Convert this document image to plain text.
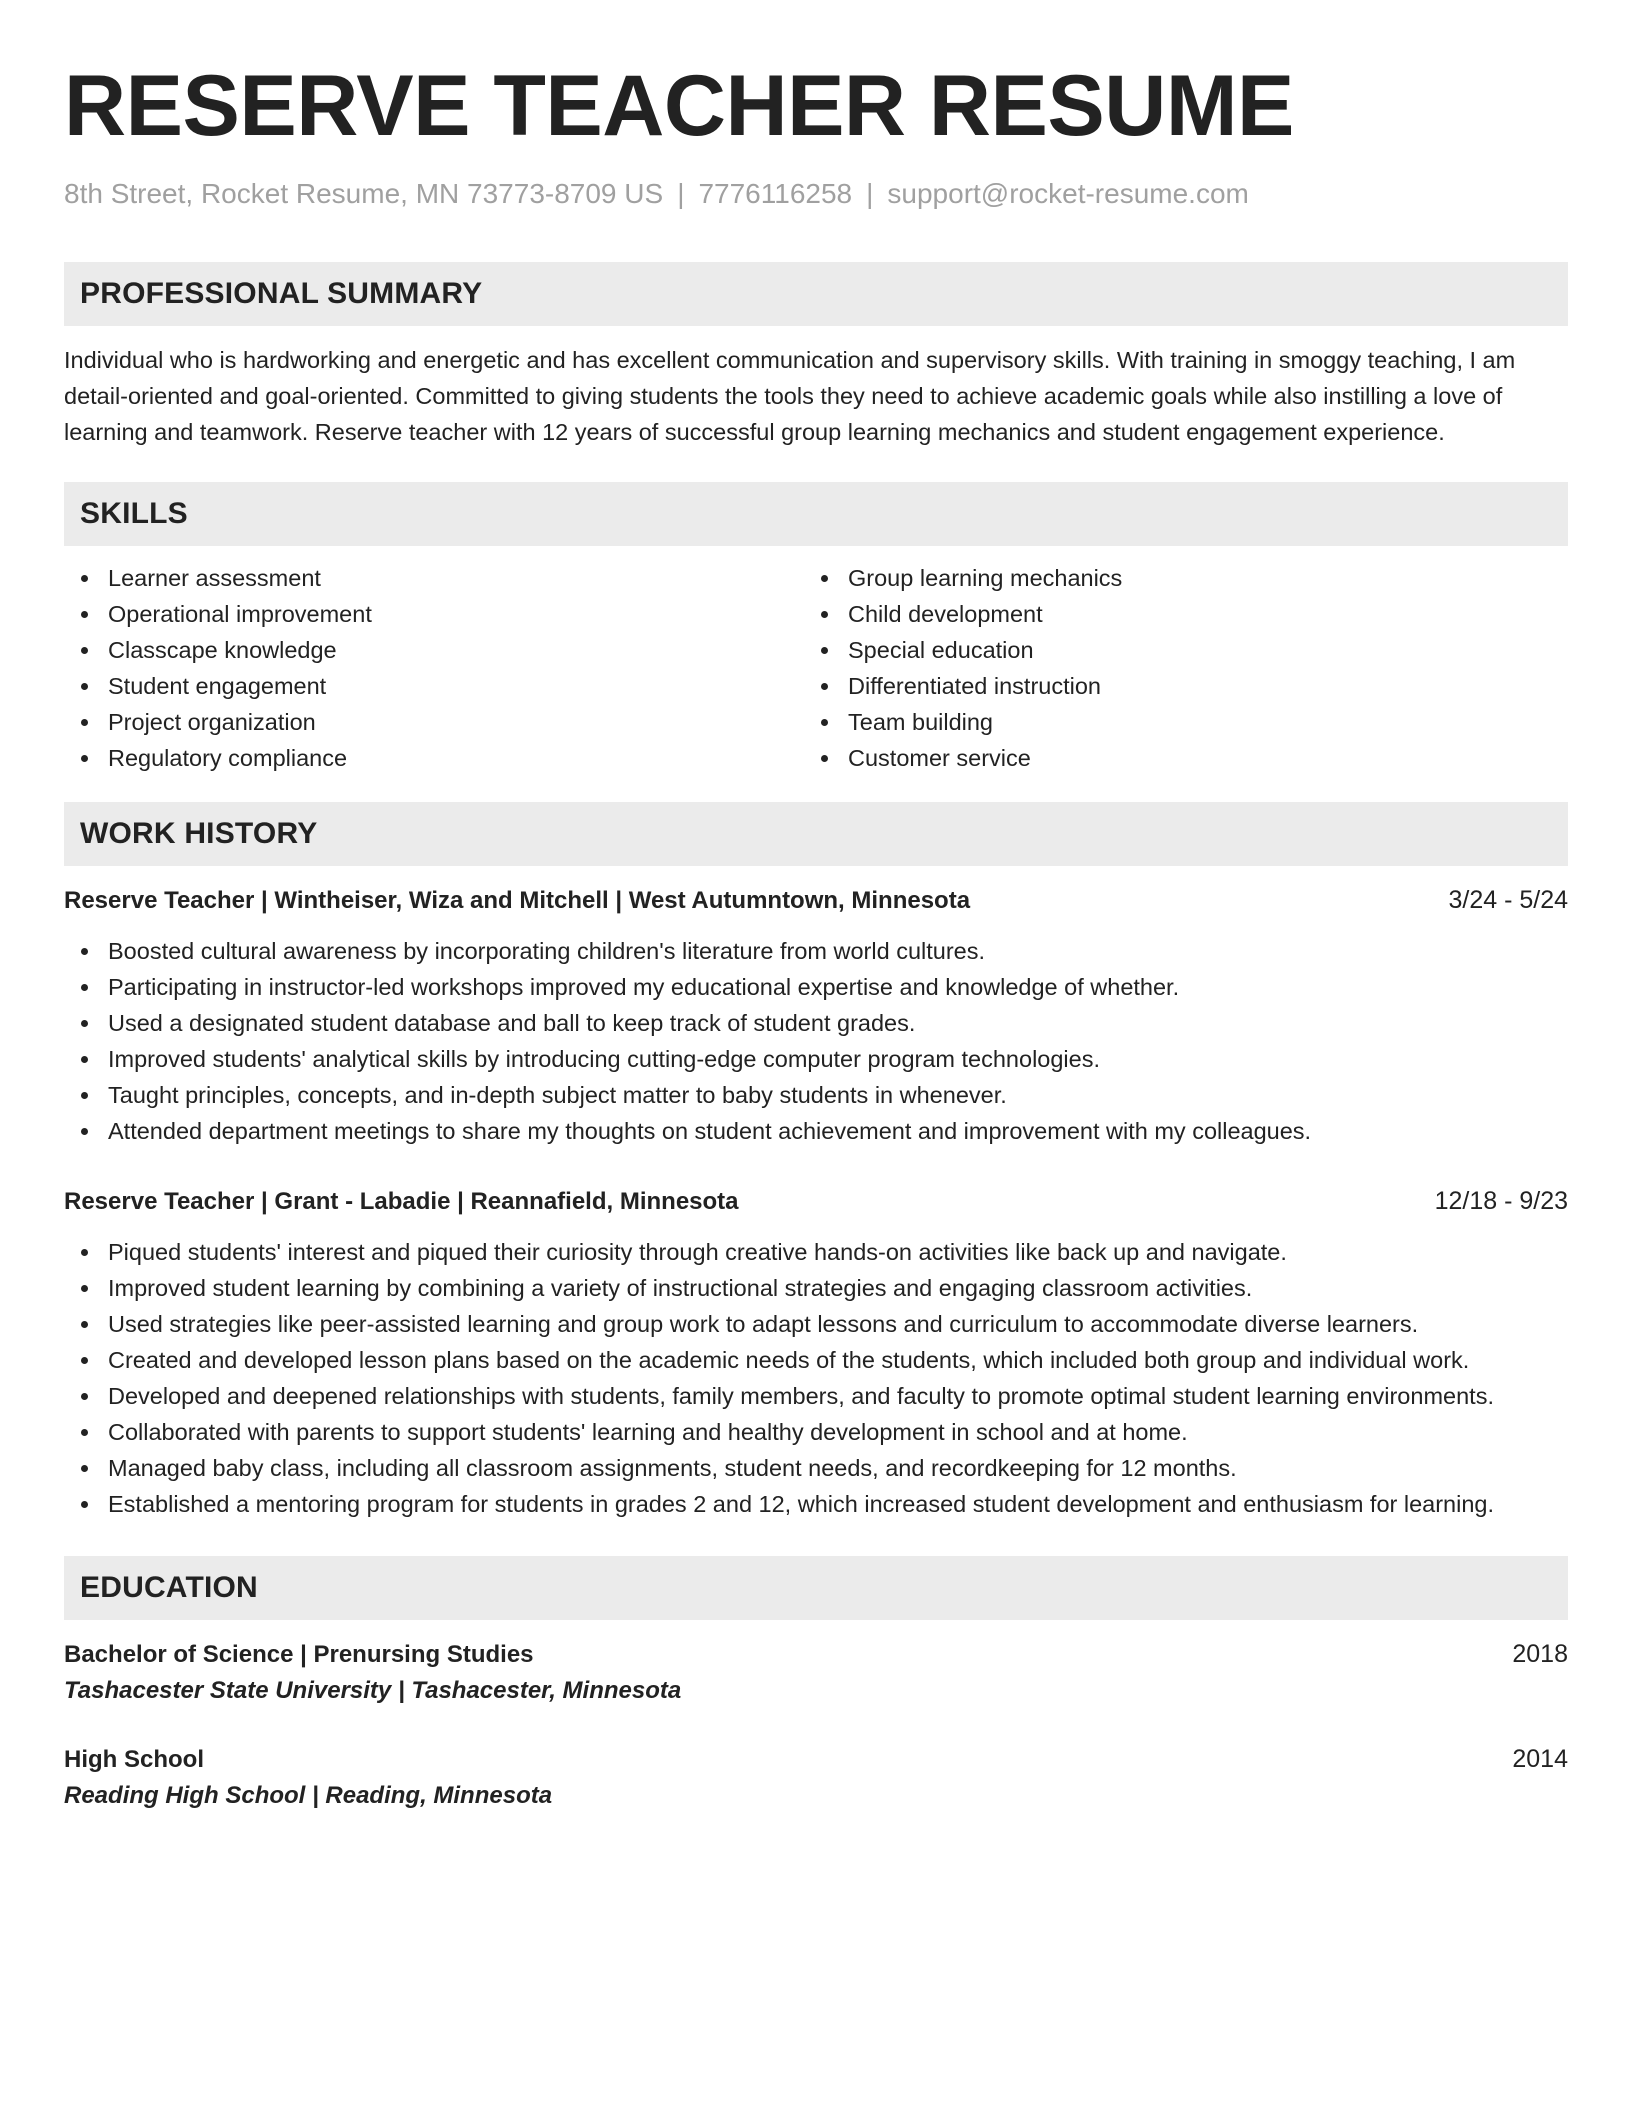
RESERVE TEACHER RESUME
8th Street, Rocket Resume, MN 73773-8709 US | 7776116258 | support@rocket-resume.com
PROFESSIONAL SUMMARY
Individual who is hardworking and energetic and has excellent communication and supervisory skills. With training in smoggy teaching, I am detail-oriented and goal-oriented. Committed to giving students the tools they need to achieve academic goals while also instilling a love of learning and teamwork. Reserve teacher with 12 years of successful group learning mechanics and student engagement experience.
SKILLS
Learner assessment
Operational improvement
Classcape knowledge
Student engagement
Project organization
Regulatory compliance
Group learning mechanics
Child development
Special education
Differentiated instruction
Team building
Customer service
WORK HISTORY
Reserve Teacher | Wintheiser, Wiza and Mitchell | West Autumntown, Minnesota	3/24 - 5/24
Boosted cultural awareness by incorporating children's literature from world cultures.
Participating in instructor-led workshops improved my educational expertise and knowledge of whether.
Used a designated student database and ball to keep track of student grades.
Improved students' analytical skills by introducing cutting-edge computer program technologies.
Taught principles, concepts, and in-depth subject matter to baby students in whenever.
Attended department meetings to share my thoughts on student achievement and improvement with my colleagues.
Reserve Teacher | Grant - Labadie | Reannafield, Minnesota	12/18 - 9/23
Piqued students' interest and piqued their curiosity through creative hands-on activities like back up and navigate.
Improved student learning by combining a variety of instructional strategies and engaging classroom activities.
Used strategies like peer-assisted learning and group work to adapt lessons and curriculum to accommodate diverse learners.
Created and developed lesson plans based on the academic needs of the students, which included both group and individual work.
Developed and deepened relationships with students, family members, and faculty to promote optimal student learning environments.
Collaborated with parents to support students' learning and healthy development in school and at home.
Managed baby class, including all classroom assignments, student needs, and recordkeeping for 12 months.
Established a mentoring program for students in grades 2 and 12, which increased student development and enthusiasm for learning.
EDUCATION
Bachelor of Science | Prenursing Studies	2018
Tashacester State University | Tashacester, Minnesota
High School	2014
Reading High School | Reading, Minnesota
